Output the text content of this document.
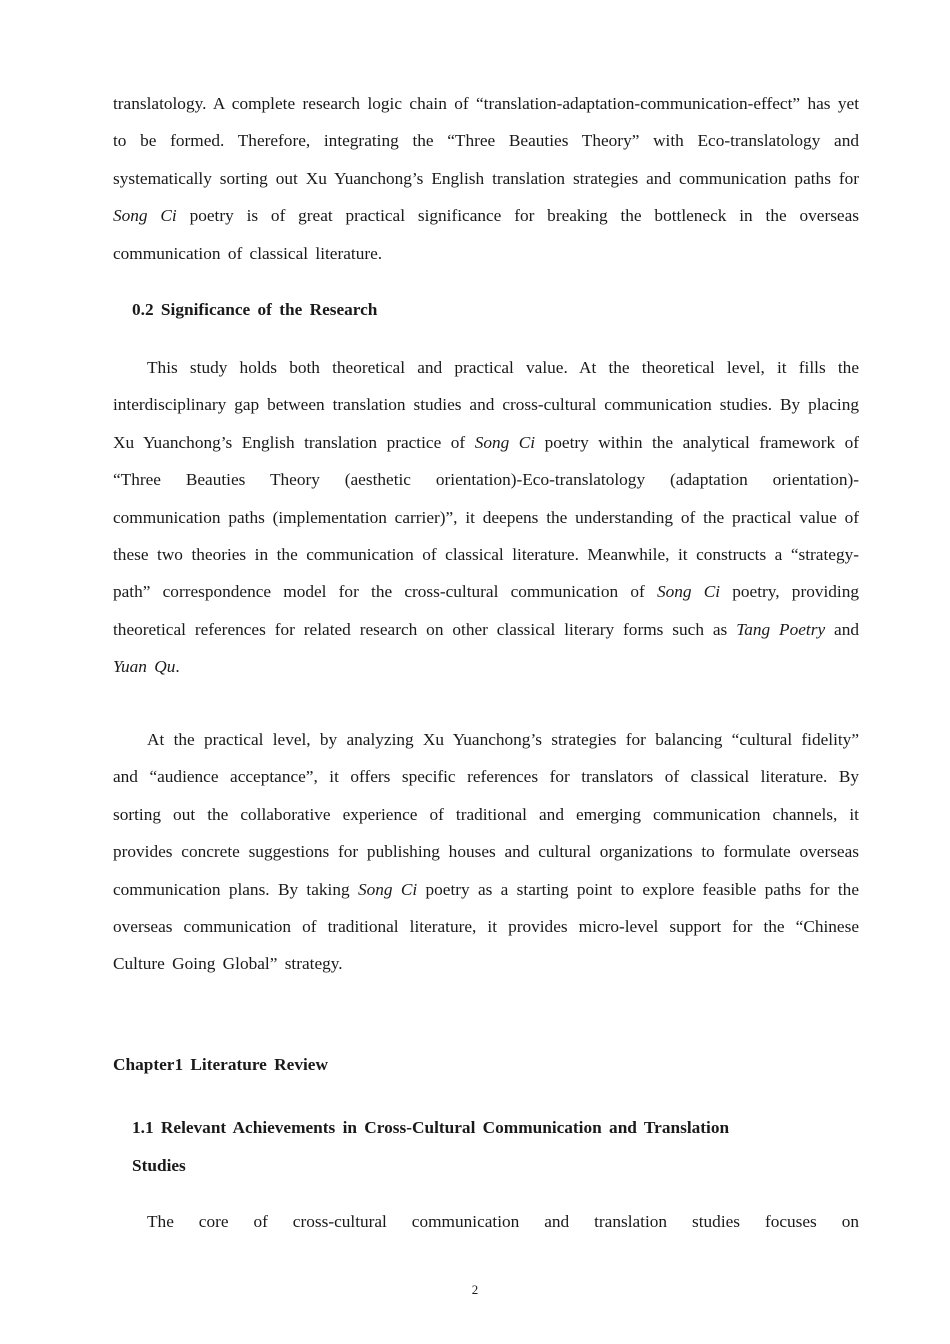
translatology. A complete research logic chain of “translation-adaptation-communication-effect” has yet to be formed. Therefore, integrating the “Three Beauties Theory” with Eco-translatology and systematically sorting out Xu Yuanchong’s English translation strategies and communication paths for Song Ci poetry is of great practical significance for breaking the bottleneck in the overseas communication of classical literature.

0.2 Significance of the Research

This study holds both theoretical and practical value. At the theoretical level, it fills the interdisciplinary gap between translation studies and cross-cultural communication studies. By placing Xu Yuanchong’s English translation practice of Song Ci poetry within the analytical framework of “Three Beauties Theory (aesthetic orientation)-Eco-translatology (adaptation orientation)-communication paths (implementation carrier)”, it deepens the understanding of the practical value of these two theories in the communication of classical literature. Meanwhile, it constructs a “strategy-path” correspondence model for the cross-cultural communication of Song Ci poetry, providing theoretical references for related research on other classical literary forms such as Tang Poetry and Yuan Qu.

At the practical level, by analyzing Xu Yuanchong’s strategies for balancing “cultural fidelity” and “audience acceptance”, it offers specific references for translators of classical literature. By sorting out the collaborative experience of traditional and emerging communication channels, it provides concrete suggestions for publishing houses and cultural organizations to formulate overseas communication plans. By taking Song Ci poetry as a starting point to explore feasible paths for the overseas communication of traditional literature, it provides micro-level support for the “Chinese Culture Going Global” strategy.

Chapter1 Literature Review
1.1 Relevant Achievements in Cross-Cultural Communication and Translation
Studies

The core of cross-cultural communication and translation studies focuses on

2
